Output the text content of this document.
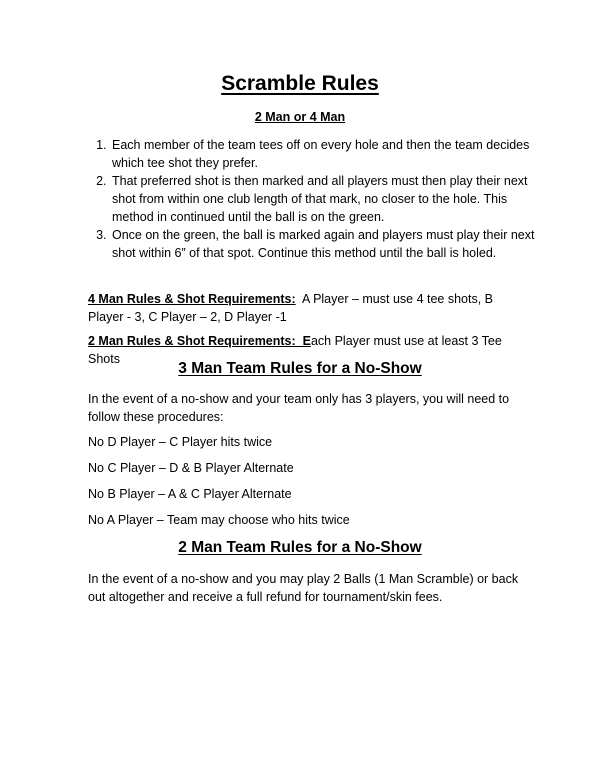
Scramble Rules
2 Man or 4 Man
1. Each member of the team tees off on every hole and then the team decides which tee shot they prefer.
2. That preferred shot is then marked and all players must then play their next shot from within one club length of that mark, no closer to the hole. This method in continued until the ball is on the green.
3. Once on the green, the ball is marked again and players must play their next shot within 6” of that spot. Continue this method until the ball is holed.

4 Man Rules & Shot Requirements:  A Player – must use 4 tee shots, B Player - 3, C Player – 2, D Player -1

2 Man Rules & Shot Requirements:  Each Player must use at least 3 Tee Shots

3 Man Team Rules for a No-Show

In the event of a no-show and your team only has 3 players, you will need to follow these procedures:

No D Player – C Player hits twice

No C Player – D & B Player Alternate

No B Player – A & C Player Alternate

No A Player – Team may choose who hits twice

2 Man Team Rules for a No-Show

In the event of a no-show and you may play 2 Balls (1 Man Scramble) or back out altogether and receive a full refund for tournament/skin fees.
